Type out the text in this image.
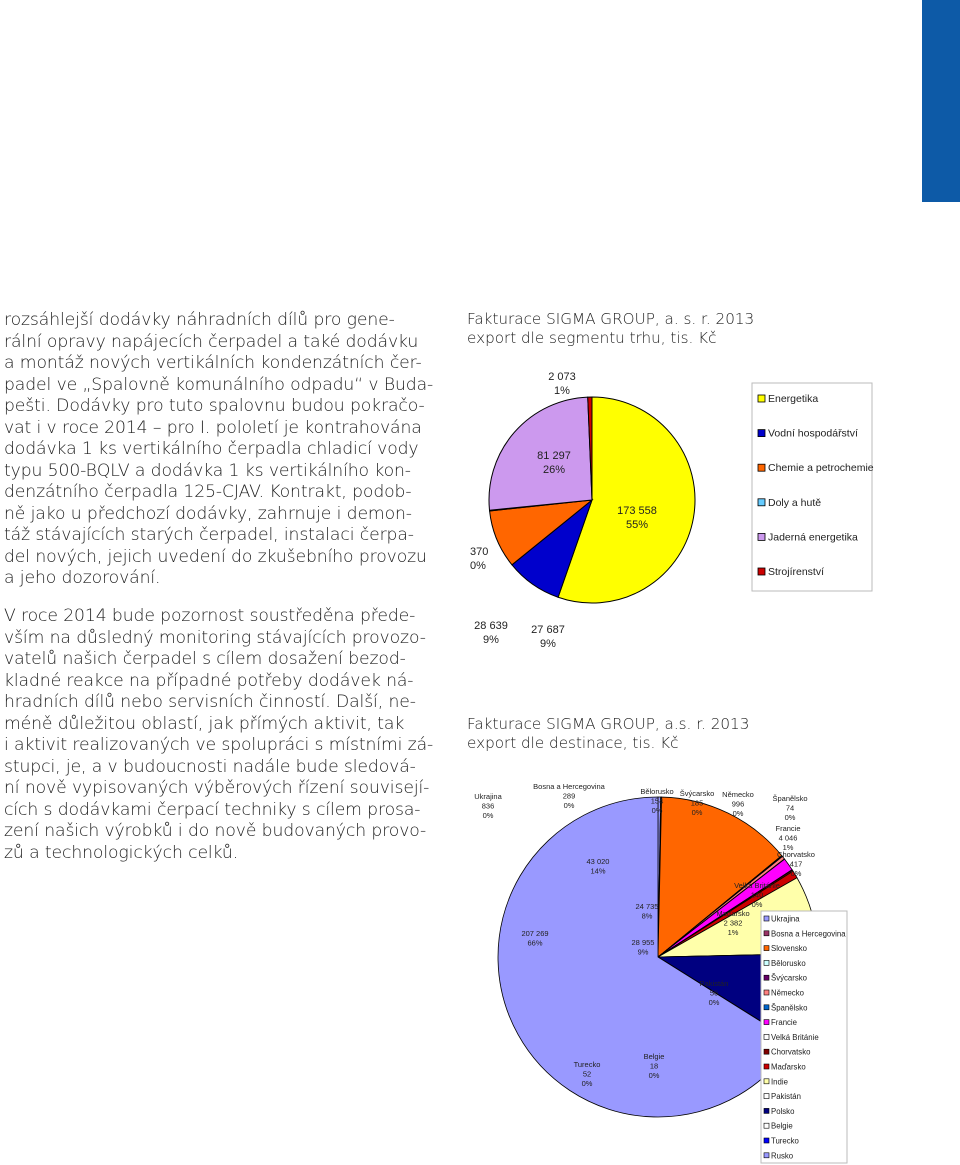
rozsáhlejší dodávky náhradních dílů pro gene-

rální opravy napájecích čerpadel a také dodávku

a montáž nových vertikálních kondenzátních čer-

padel ve „Spalovně komunálního odpadu“ v Buda-

pešti. Dodávky pro tuto spalovnu budou pokračo-

vat i v roce 2014 – pro I. pololetí je kontrahována

dodávka 1 ks vertikálního čerpadla chladicí vody

typu 500-BQLV a dodávka 1 ks vertikálního kon-

denzátního čerpadla 125-CJAV. Kontrakt, podob-

ně jako u předchozí dodávky, zahrnuje i demon-

táž stávajících starých čerpadel, instalaci čerpa-

del nových, jejich uvedení do zkušebního provozu

a jeho dozorování.

V roce 2014 bude pozornost soustředěna přede-

vším na důsledný monitoring stávajících provozo-

vatelů našich čerpadel s cílem dosažení bezod-

kladné reakce na případné potřeby dodávek ná-

hradních dílů nebo servisních činností. Další, ne-

méně důležitou oblastí, jak přímých aktivit, tak

i aktivit realizovaných ve spolupráci s místními zá-

stupci, je, a v budoucnosti nadále bude sledová-

ní nově vypisovaných výběrových řízení souvisejí-

cích s dodávkami čerpací techniky s cílem prosa-

zení našich výrobků i do nově budovaných provo-

zů a technologických celků.

Fakturace SIGMA GROUP, a. s. r. 2013
export dle segmentu trhu, tis. Kč
Fakturace SIGMA GROUP, a.s. r. 2013
export dle destinace, tis. Kč
173 558
55%
27 687
9%
28 639
9%
370
0%
81 297
26%
2 073
1%
Energetika
Vodní hospodářství
Chemie a petrochemie
Doly a hutě
Jaderná energetika
Strojírenství
Ukrajina
836
0%
Bosna a Hercegovina
289
0%
43 020
14%
Bělorusko
154
0%
Švýcarsko
185
0%
Německo
996
0%
Španělsko
74
0%
Francie
4 046
1%
Velká Británie
140
0%
Chorvatsko
417
0%
Maďarsko
2 382
1%
24 735
8%
Pakistán
56
0%
28 955
9%
Belgie
18
0%
Turecko
52
0%
207 269
66%
Ukrajina
Bosna a Hercegovina
Slovensko
Bělorusko
Švýcarsko
Německo
Španělsko
Francie
Velká Británie
Chorvatsko
Maďarsko
Indie
Pakistán
Polsko
Belgie
Turecko
Rusko
